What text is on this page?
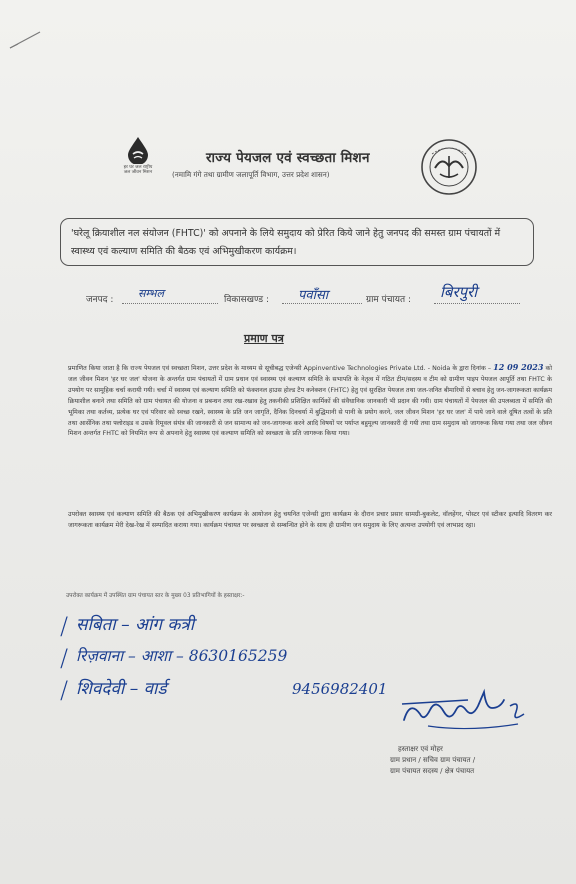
हर घर जल राष्ट्रीय जल जीवन मिशन
राज्य पेयजल एवं स्वच्छता मिशन
(नमामि गंगे तथा ग्रामीण जलापूर्ति विभाग, उत्तर प्रदेश शासन)
'घरेलू क्रियाशील नल संयोजन (FHTC)' को अपनाने के लिये समुदाय को प्रेरित किये जाने हेतु जनपद की समस्त ग्राम पंचायतों में स्वास्थ्य एवं कल्याण समिति की बैठक एवं अभिमुखीकरण कार्यक्रम।
जनपद : सम्भल	विकासखण्ड : पवाँसा	ग्राम पंचायत : बिरपुरी
प्रमाण पत्र
प्रमाणित किया जाता है कि राज्य पेयजल एवं स्वच्छता मिशन, उत्तर प्रदेश के माध्यम से सूचीबद्ध एजेन्सी Appinventive Technologies Private Ltd. - Noida के द्वारा दिनांक – 12 09 2023 को जल जीवन मिशन 'हर घर जल' योजना के अन्तर्गत ग्राम पंचायतों में ग्राम प्रधान एवं स्वास्थ्य एवं कल्याण समिति के सभापति के नेतृत्व में गठित टीम/सदस्य व टीम को ग्रामीण पाइप पेयजल आपूर्ति तथा FHTC के उपयोग पर सामूहिक चर्चा करायी गयी। चर्चा में स्वास्थ्य एवं कल्याण समिति को फंक्शनल हाउस होल्ड टैप कनेक्शन (FHTC) हेतु एवं सुरक्षित पेयजल तथा जल-जनित बीमारियों से बचाव हेतु जन-जागरूकता कार्यक्रम क्रियाशील बनाने तथा समिति को ग्राम पंचायत की योजना व प्रबन्धन तथा रख-रखाव हेतु तकनीकी प्रशिक्षित कार्मिकों की संवैधानिक जानकारी भी प्रदान की गयी। ग्राम पंचायतों में पेयजल की उपलब्धता में समिति की भूमिका तथा कर्तव्य, प्रत्येक घर एवं परिवार को स्वच्छ रखने, स्वास्थ्य के प्रति जन जागृति, दैनिक दिनचर्या में बुद्धिमानी से पानी के प्रयोग करने, जल जीवन मिशन 'हर घर जल' में पाये जाने वाले दूषित तत्वों के प्रति तथा आर्सेनिक तथा फ्लोराइड व उसके रिमूवल संयंत्र की जानकारी से जन सामान्य को जन-जागरूक करने आदि विषयों पर पर्याप्त बहुमूल्य जानकारी दी गयी तथा ग्राम समुदाय को जागरूक किया गया तथा जल जीवन मिशन अन्तर्गत FHTC को नियमित रूप से अपनाने हेतु स्वास्थ्य एवं कल्याण समिति को स्वच्छता के प्रति जागरूक किया गया।
उपरोक्त स्वास्थ्य एवं कल्याण समिति की बैठक एवं अभिमुखीकरण कार्यक्रम के आयोजन हेतु चयनित एजेन्सी द्वारा कार्यक्रम के दौरान प्रचार प्रसार सामग्री-बुकलेट, वॉलहेंगर, पोस्टर एवं स्टीकर इत्यादि वितरण कर जागरूकता कार्यक्रम मेरी देख-रेख में सम्पादित कराया गया। कार्यक्रम पंचायत पर स्वच्छता से सम्बन्धित होने के साथ ही ग्रामीण जन समुदाय के लिए अत्यन्त उपयोगी एवं लाभप्रद रहा।
उपरोक्त कार्यक्रम में उपस्थित ग्राम पंचायत स्तर के मुख्य 03 प्रतिभागियों के हस्ताक्षर:-
/ सबिता – आंग कत्री
/ रिज़वाना – आशा – 8630165259
/ शिवदेवी – वार्ड	9456982401
हस्ताक्षर एवं मोहर
ग्राम प्रधान / सचिव ग्राम पंचायत /
ग्राम पंचायत सदस्य / क्षेत्र पंचायत
